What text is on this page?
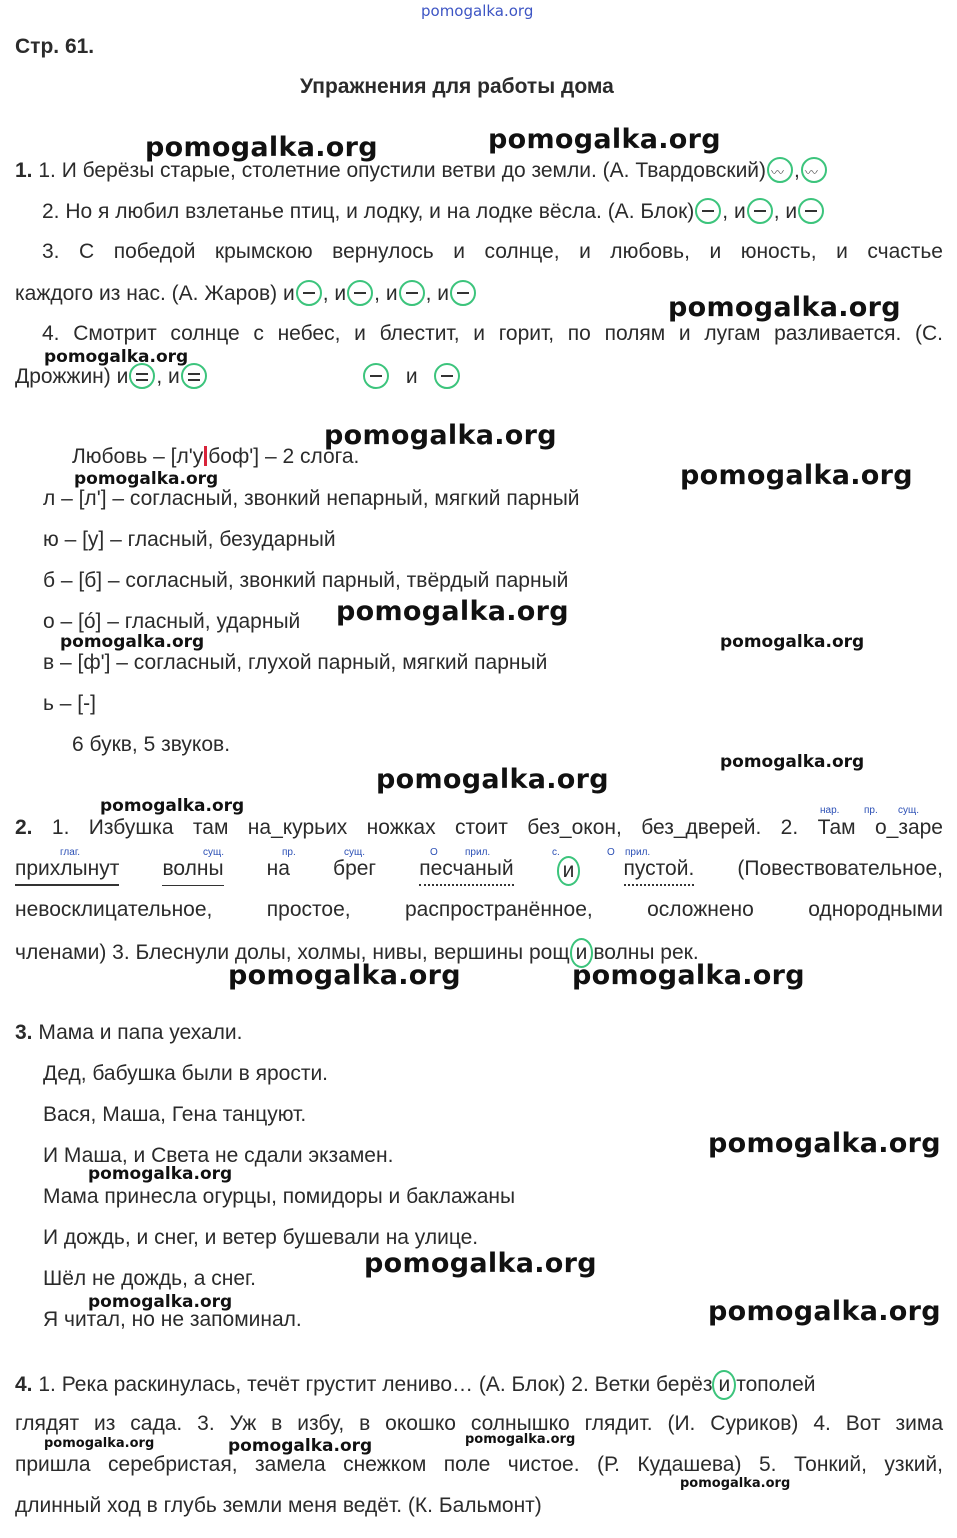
pomogalka.org
Стр. 61.
Упражнения для работы дома
1. 1. И берёзы старые, столетние опустили ветви до земли. (А. Твардовский)〰 ,〰
2. Но я любил взлетанье птиц, и лодку, и на лодке вёсла. (А. Блок) , и , и
3. С победой крымскою вернулось и солнце, и любовь, и юность, и счастье
каждого из нас. (А. Жаров) и , и , и , и
4. Смотрит солнце с небес, и блестит, и горит, по полям и лугам разливается. (С.
Дрожжин) и , и	и
Любовь – [л'у боф'] – 2 слога.
л – [л'] – согласный, звонкий непарный, мягкий парный
ю – [у] – гласный, безударный
б – [б] – согласный, звонкий парный, твёрдый парный
о – [ó] – гласный, ударный
в – [ф'] – согласный, глухой парный, мягкий парный
ь – [-]
6 букв, 5 звуков.
нар. пр. сущ.
2. 1. Избушка там на_курьих ножках стоит без_окон, без_дверей. 2. Там о_заре
глаг.	сущ.	пр.	сущ.	О	прил.	с.	О прил.
прихлынут волны на брег песчаный и пустой. (Повествовательное,
невосклицательное,	простое,	распространённое,	осложнено	однородными
членами) 3. Блеснули долы, холмы, нивы, вершины рощ и волны рек.
3. Мама и папа уехали.
Дед, бабушка были в ярости.
Вася, Маша, Гена танцуют.
И Маша, и Света не сдали экзамен.
Мама принесла огурцы, помидоры и баклажаны
И дождь, и снег, и ветер бушевали на улице.
Шёл не дождь, а снег.
Я читал, но не запоминал.
4. 1. Река раскинулась, течёт грустит лениво… (А. Блок) 2. Ветки берёз и тополей
глядят из сада. 3. Уж в избу, в окошко солнышко глядит. (И. Суриков) 4. Вот зима
пришла серебристая, замела снежком поле чистое. (Р. Кудашева) 5. Тонкий, узкий,
длинный ход в глубь земли меня ведёт. (К. Бальмонт)
pomogalka.org	pomogalka.org
pomogalka.org
pomogalka.org
pomogalka.org
pomogalka.org	pomogalka.org
pomogalka.org
pomogalka.org	pomogalka.org
pomogalka.org
pomogalka.org
pomogalka.org
pomogalka.org	pomogalka.org
pomogalka.org
pomogalka.org
pomogalka.org
pomogalka.org	pomogalka.org
pomogalka.org	pomogalka.org	pomogalka.org
pomogalka.org
